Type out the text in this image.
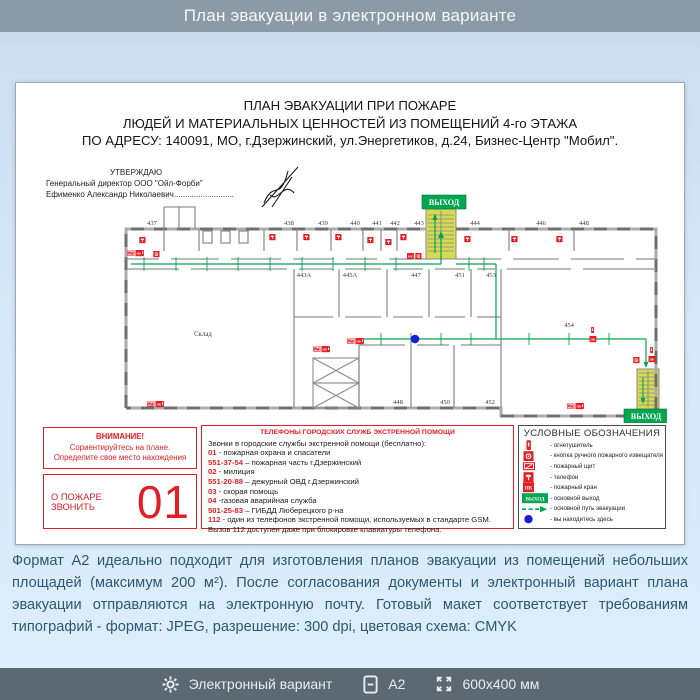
План эвакуации в электронном варианте
ПЛАН ЭВАКУАЦИИ ПРИ ПОЖАРЕ
ЛЮДЕЙ И МАТЕРИАЛЬНЫХ ЦЕННОСТЕЙ ИЗ ПОМЕЩЕНИЙ 4-го ЭТАЖА
ПО АДРЕСУ: 140091, МО, г.Дзержинский, ул.Энергетиков, д.24, Бизнес-Центр "Мобил".
УТВЕРЖДАЮ
Генеральный директор ООО "Ойл-Форби"
Ефименко Александр Николаевич...........................
ВЫХОД
ВЫХОД
Склад
437	438	439	440 441 442 443	444	446	448
443А	445А	447	451	453
454
448	450	452
ПК
ПК
ПК
ПК
ПК
ПК
ПК
ПК
ВНИМАНИЕ!
Сориентируйтесь на плане.
Определите свое место нахождения
О ПОЖАРЕ ЗВОНИТЬ 01
ТЕЛЕФОНЫ ГОРОДСКИХ СЛУЖБ ЭКСТРЕННОЙ ПОМОЩИ
Звонки в городские службы экстренной помощи (бесплатно):
01 - пожарная охрана и спасатели
551-37-54 – пожарная часть г.Дзержинский
02 - милиция
551-20-88 – дежурный ОВД г.Дзержинский
03 - скорая помощь
04 -газовая аварийная служба
501-25-83 – ГИБДД Люберецкого р-на
112 - один из телефонов экстренной помощи, используемых в стандарте GSM. Вызов 112 доступен даже при блокировке клавиатуры телефона.
УСЛОВНЫЕ ОБОЗНАЧЕНИЯ
- огнетушитель
- кнопка ручного пожарного извещателя
- пожарный щит
- телефон
ПК	- пожарный кран
ВЫХОД - основной выход
- основной путь эвакуации
- вы находитесь здесь
Формат А2 идеально подходит для изготовления планов эвакуации из помещений небольших площадей (максимум 200 м²). После согласования документы и электронный вариант плана эвакуации отправляются на электронную почту. Готовый макет соответствует требованиям типографий - формат: JPEG, разрешение: 300 dpi, цветовая схема: CMYK
Электронный вариант	A2	600x400 мм
